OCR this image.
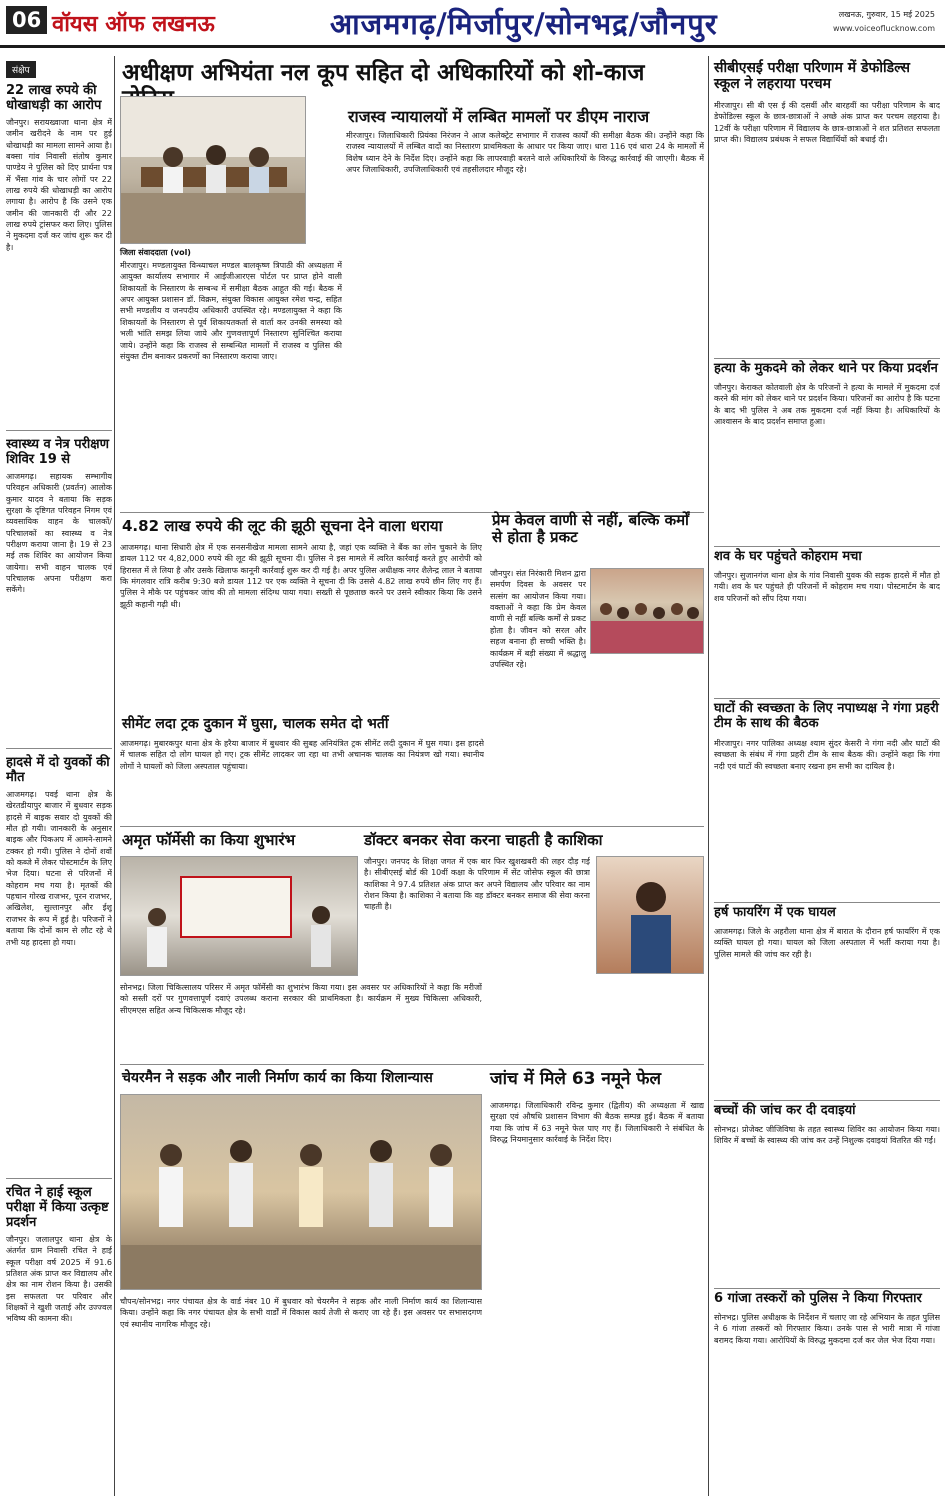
06 वॉयस ऑफ लखनऊ	आजमगढ़/मिर्जापुर/सोनभद्र/जौनपुर	लखनऊ, गुरुवार, 15 मई 2025
www.voiceoflucknow.com
संक्षेप
22 लाख रुपये की धोखाधड़ी का आरोप
जौनपुर। सरायख्वाजा थाना क्षेत्र में जमीन खरीदने के नाम पर हुई धोखाधड़ी का मामला सामने आया है। बक्सा गांव निवासी संतोष कुमार पाण्डेय ने पुलिस को दिए प्रार्थना पत्र में भैंसा गांव के चार लोगों पर 22 लाख रुपये की धोखाधड़ी का आरोप लगाया है। आरोप है कि उसने एक जमीन की जानकारी दी और 22 लाख रुपये ट्रांसफर करा लिए। पुलिस ने मुकदमा दर्ज कर जांच शुरू कर दी है।
स्वास्थ्य व नेत्र परीक्षण शिविर 19 से
आजमगढ़। सहायक सम्भागीय परिवहन अधिकारी (प्रवर्तन) आलोक कुमार यादव ने बताया कि सड़क सुरक्षा के दृष्टिगत परिवहन निगम एवं व्यवसायिक वाहन के चालकों/परिचालकों का स्वास्थ्य व नेत्र परीक्षण कराया जाना है। 19 से 23 मई तक शिविर का आयोजन किया जायेगा। सभी वाहन चालक एवं परिचालक अपना परीक्षण करा सकेंगे।
हादसे में दो युवकों की मौत
आजमगढ़। पवई थाना क्षेत्र के खेरतडीयापुर बाजार में बुधवार सड़क हादसे में बाइक सवार दो युवकों की मौत हो गयी। जानकारी के अनुसार बाइक और पिकअप में आमने-सामने टक्कर हो गयी। पुलिस ने दोनों शवों को कब्जे में लेकर पोस्टमार्टम के लिए भेज दिया। घटना से परिजनों में कोहराम मच गया है। मृतकों की पहचान गोरख राजभर, पूरन राजभर, अखिलेश, सुल्तानपुर और ईशू राजभर के रूप में हुई है। परिजनों ने बताया कि दोनों काम से लौट रहे थे तभी यह हादसा हो गया।
रचित ने हाई स्कूल परीक्षा में किया उत्कृष्ट प्रदर्शन
जौनपुर। जलालपुर थाना क्षेत्र के अंतर्गत ग्राम निवासी रचित ने हाई स्कूल परीक्षा वर्ष 2025 में 91.6 प्रतिशत अंक प्राप्त कर विद्यालय और क्षेत्र का नाम रोशन किया है। उसकी इस सफलता पर परिवार और शिक्षकों ने खुशी जताई और उज्ज्वल भविष्य की कामना की।
अधीक्षण अभियंता नल कूप सहित दो अधिकारियों को शो-काज
जिला संवाददाता (vol)
मीरजापुर। मण्डलायुक्त विन्ध्याचल मण्डल बालकृष्ण त्रिपाठी की अध्यक्षता में आयुक्त कार्यालय सभागार में आईजीआरएस पोर्टल पर प्राप्त होने वाली शिकायतों के निस्तारण के सम्बन्ध में समीक्षा बैठक आहूत की गई। बैठक में अपर आयुक्त प्रशासन डॉ. विक्रम, संयुक्त विकास आयुक्त रमेश चन्द्र, सहित सभी मण्डलीय व जनपदीय अधिकारी उपस्थित रहे। मण्डलायुक्त ने कहा कि शिकायतों के निस्तारण से पूर्व शिकायतकर्ता से वार्ता कर उनकी समस्या को भली भांति समझ लिया जाये और गुणवत्तापूर्ण निस्तारण सुनिश्चित कराया जाये। उन्होंने कहा कि राजस्व से सम्बन्धित मामलों में राजस्व व पुलिस की संयुक्त टीम बनाकर प्रकरणों का निस्तारण कराया जाए।
राजस्व न्यायालयों में लम्बित मामलों पर डीएम नाराज
मीरजापुर। जिलाधिकारी प्रियंका निरंजन ने आज कलेक्ट्रेट सभागार में राजस्व कार्यों की समीक्षा बैठक की। उन्होंने कहा कि राजस्व न्यायालयों में लम्बित वादों का निस्तारण प्राथमिकता के आधार पर किया जाए। धारा 116 एवं धारा 24 के मामलों में विशेष ध्यान देने के निर्देश दिए। उन्होंने कहा कि लापरवाही बरतने वाले अधिकारियों के विरुद्ध कार्रवाई की जाएगी। बैठक में अपर जिलाधिकारी, उपजिलाधिकारी एवं तहसीलदार मौजूद रहे।
4.82 लाख रुपये की लूट की झूठी सूचना देने वाला धराया
आजमगढ़। थाना सिधारी क्षेत्र में एक सनसनीखेज मामला सामने आया है, जहां एक व्यक्ति ने बैंक का लोन चुकाने के लिए डायल 112 पर 4,82,000 रुपये की लूट की झूठी सूचना दी। पुलिस ने इस मामले में त्वरित कार्रवाई करते हुए आरोपी को हिरासत में ले लिया है और उसके खिलाफ कानूनी कार्रवाई शुरू कर दी गई है। अपर पुलिस अधीक्षक नगर शैलेन्द्र लाल ने बताया कि मंगलवार रात्रि करीब 9:30 बजे डायल 112 पर एक व्यक्ति ने सूचना दी कि उससे 4.82 लाख रुपये छीन लिए गए हैं। पुलिस ने मौके पर पहुंचकर जांच की तो मामला संदिग्ध पाया गया। सख्ती से पूछताछ करने पर उसने स्वीकार किया कि उसने झूठी कहानी गढ़ी थी।
प्रेम केवल वाणी से नहीं, बल्कि कर्मों से होता है प्रकट
जौनपुर। संत निरंकारी मिशन द्वारा समर्पण दिवस के अवसर पर सत्संग का आयोजन किया गया। वक्ताओं ने कहा कि प्रेम केवल वाणी से नहीं बल्कि कर्मों से प्रकट होता है। जीवन को सरल और सहज बनाना ही सच्ची भक्ति है। कार्यक्रम में बड़ी संख्या में श्रद्धालु उपस्थित रहे।
सीमेंट लदा ट्रक दुकान में घुसा, चालक समेत दो भर्ती
आजमगढ़। मुबारकपुर थाना क्षेत्र के हरैया बाजार में बुधवार की सुबह अनियंत्रित ट्रक सीमेंट लदी दुकान में घुस गया। इस हादसे में चालक सहित दो लोग घायल हो गए। ट्रक सीमेंट लादकर जा रहा था तभी अचानक चालक का नियंत्रण खो गया। स्थानीय लोगों ने घायलों को जिला अस्पताल पहुंचाया।
अमृत फॉर्मेसी का किया शुभारंभ
सोनभद्र। जिला चिकित्सालय परिसर में अमृत फॉर्मेसी का शुभारंभ किया गया। इस अवसर पर अधिकारियों ने कहा कि मरीजों को सस्ती दरों पर गुणवत्तापूर्ण दवाएं उपलब्ध कराना सरकार की प्राथमिकता है। कार्यक्रम में मुख्य चिकित्सा अधिकारी, सीएमएस सहित अन्य चिकित्सक मौजूद रहे।
डॉक्टर बनकर सेवा करना चाहती है काशिका
जौनपुर। जनपद के शिक्षा जगत में एक बार फिर खुशखबरी की लहर दौड़ गई है। सीबीएसई बोर्ड की 10वीं कक्षा के परिणाम में सेंट जोसेफ स्कूल की छात्रा काशिका ने 97.4 प्रतिशत अंक प्राप्त कर अपने विद्यालय और परिवार का नाम रोशन किया है। काशिका ने बताया कि वह डॉक्टर बनकर समाज की सेवा करना चाहती है।
चेयरमैन ने सड़क और नाली निर्माण कार्य का किया शिलान्यास
चौपन/सोनभद्र। नगर पंचायत क्षेत्र के वार्ड नंबर 10 में बुधवार को चेयरमैन ने सड़क और नाली निर्माण कार्य का शिलान्यास किया। उन्होंने कहा कि नगर पंचायत क्षेत्र के सभी वार्डों में विकास कार्य तेजी से कराए जा रहे हैं। इस अवसर पर सभासदगण एवं स्थानीय नागरिक मौजूद रहे।
जांच में मिले 63 नमूने फेल
आजमगढ़। जिलाधिकारी रविन्द्र कुमार (द्वितीय) की अध्यक्षता में खाद्य सुरक्षा एवं औषधि प्रशासन विभाग की बैठक सम्पन्न हुई। बैठक में बताया गया कि जांच में 63 नमूने फेल पाए गए हैं। जिलाधिकारी ने संबंधित के विरुद्ध नियमानुसार कार्रवाई के निर्देश दिए।
सीबीएसई परीक्षा परिणाम में डेफोडिल्स स्कूल ने लहराया परचम
मीरजापुर। सी बी एस ई की दसवीं और बारहवीं का परीक्षा परिणाम के बाद डेफोडिल्स स्कूल के छात्र-छात्राओं ने अच्छे अंक प्राप्त कर परचम लहराया है। 12वीं के परीक्षा परिणाम में विद्यालय के छात्र-छात्राओं ने शत प्रतिशत सफलता प्राप्त की। विद्यालय प्रबंधक ने सफल विद्यार्थियों को बधाई दी।
हत्या के मुकदमे को लेकर थाने पर किया प्रदर्शन
जौनपुर। केराकत कोतवाली क्षेत्र के परिजनों ने हत्या के मामले में मुकदमा दर्ज करने की मांग को लेकर थाने पर प्रदर्शन किया। परिजनों का आरोप है कि घटना के बाद भी पुलिस ने अब तक मुकदमा दर्ज नहीं किया है। अधिकारियों के आश्वासन के बाद प्रदर्शन समाप्त हुआ।
शव के घर पहुंचते कोहराम मचा
जौनपुर। सुजानगंज थाना क्षेत्र के गांव निवासी युवक की सड़क हादसे में मौत हो गयी। शव के घर पहुंचते ही परिजनों में कोहराम मच गया। पोस्टमार्टम के बाद शव परिजनों को सौंप दिया गया।
घाटों की स्वच्छता के लिए नपाध्यक्ष ने गंगा प्रहरी टीम के साथ की बैठक
मीरजापुर। नगर पालिका अध्यक्ष श्याम सुंदर केसरी ने गंगा नदी और घाटों की स्वच्छता के संबंध में गंगा प्रहरी टीम के साथ बैठक की। उन्होंने कहा कि गंगा नदी एवं घाटों की स्वच्छता बनाए रखना हम सभी का दायित्व है।
हर्ष फायरिंग में एक घायल
आजमगढ़। जिले के अहरौला थाना क्षेत्र में बारात के दौरान हर्ष फायरिंग में एक व्यक्ति घायल हो गया। घायल को जिला अस्पताल में भर्ती कराया गया है। पुलिस मामले की जांच कर रही है।
बच्चों की जांच कर दी दवाइयां
सोनभद्र। प्रोजेक्ट जीजिविषा के तहत स्वास्थ्य शिविर का आयोजन किया गया। शिविर में बच्चों के स्वास्थ्य की जांच कर उन्हें निशुल्क दवाइयां वितरित की गईं।
6 गांजा तस्करों को पुलिस ने किया गिरफ्तार
सोनभद्र। पुलिस अधीक्षक के निर्देशन में चलाए जा रहे अभियान के तहत पुलिस ने 6 गांजा तस्करों को गिरफ्तार किया। उनके पास से भारी मात्रा में गांजा बरामद किया गया। आरोपियों के विरुद्ध मुकदमा दर्ज कर जेल भेज दिया गया।
